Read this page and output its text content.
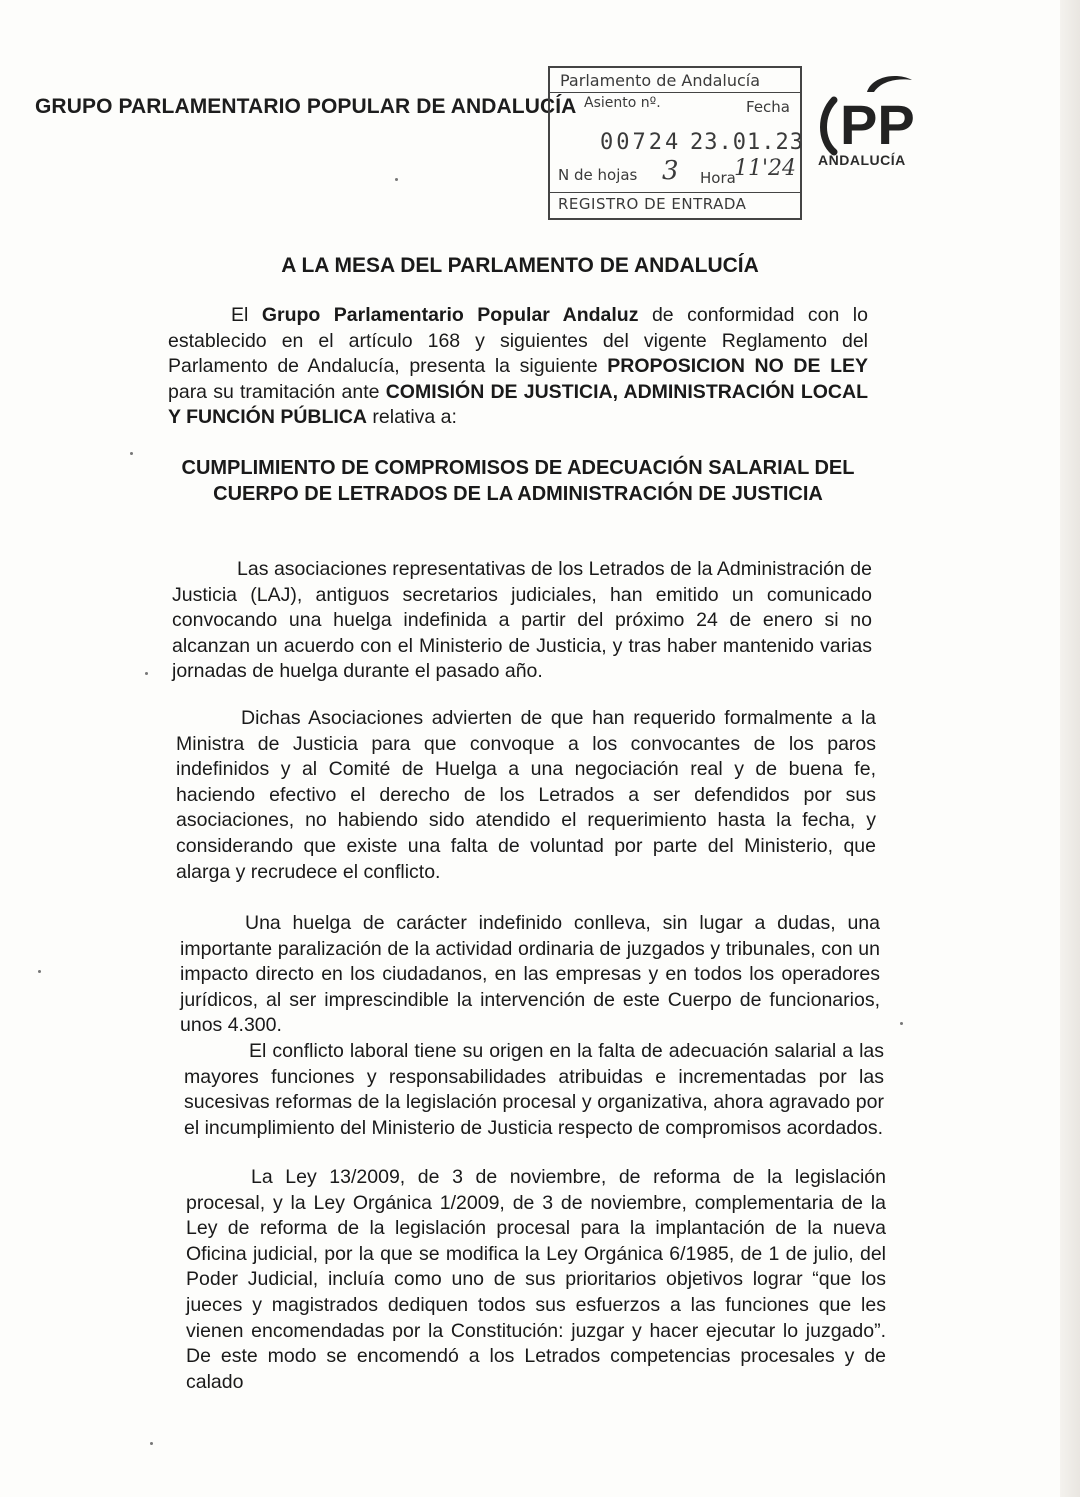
GRUPO PARLAMENTARIO POPULAR DE ANDALUCÍA
Parlamento de Andalucía
Asiento nº.	Fecha
00724 23.01.23
N de hojas 3 Hora
11'24
REGISTRO DE ENTRADA
PP
ANDALUCÍA
A LA MESA DEL PARLAMENTO DE ANDALUCÍA
El Grupo Parlamentario Popular Andaluz de conformidad con lo establecido en el artículo 168 y siguientes del vigente Reglamento del Parlamento de Andalucía, presenta la siguiente PROPOSICION NO DE LEY para su tramitación ante COMISIÓN DE JUSTICIA, ADMINISTRACIÓN LOCAL Y FUNCIÓN PÚBLICA relativa a:
CUMPLIMIENTO DE COMPROMISOS DE ADECUACIÓN SALARIAL DEL CUERPO DE LETRADOS DE LA ADMINISTRACIÓN DE JUSTICIA
Las asociaciones representativas de los Letrados de la Administración de Justicia (LAJ), antiguos secretarios judiciales, han emitido un comunicado convocando una huelga indefinida a partir del próximo 24 de enero si no alcanzan un acuerdo con el Ministerio de Justicia, y tras haber mantenido varias jornadas de huelga durante el pasado año.
Dichas Asociaciones advierten de que han requerido formalmente a la Ministra de Justicia para que convoque a los convocantes de los paros indefinidos y al Comité de Huelga a una negociación real y de buena fe, haciendo efectivo el derecho de los Letrados a ser defendidos por sus asociaciones, no habiendo sido atendido el requerimiento hasta la fecha, y considerando que existe una falta de voluntad por parte del Ministerio, que alarga y recrudece el conflicto.
Una huelga de carácter indefinido conlleva, sin lugar a dudas, una importante paralización de la actividad ordinaria de juzgados y tribunales, con un impacto directo en los ciudadanos, en las empresas y en todos los operadores jurídicos, al ser imprescindible la intervención de este Cuerpo de funcionarios, unos 4.300.
El conflicto laboral tiene su origen en la falta de adecuación salarial a las mayores funciones y responsabilidades atribuidas e incrementadas por las sucesivas reformas de la legislación procesal y organizativa, ahora agravado por el incumplimiento del Ministerio de Justicia respecto de compromisos acordados.
La Ley 13/2009, de 3 de noviembre, de reforma de la legislación procesal, y la Ley Orgánica 1/2009, de 3 de noviembre, complementaria de la Ley de reforma de la legislación procesal para la implantación de la nueva Oficina judicial, por la que se modifica la Ley Orgánica 6/1985, de 1 de julio, del Poder Judicial, incluía como uno de sus prioritarios objetivos lograr “que los jueces y magistrados dediquen todos sus esfuerzos a las funciones que les vienen encomendadas por la Constitución: juzgar y hacer ejecutar lo juzgado”. De este modo se encomendó a los Letrados competencias procesales y de calado
